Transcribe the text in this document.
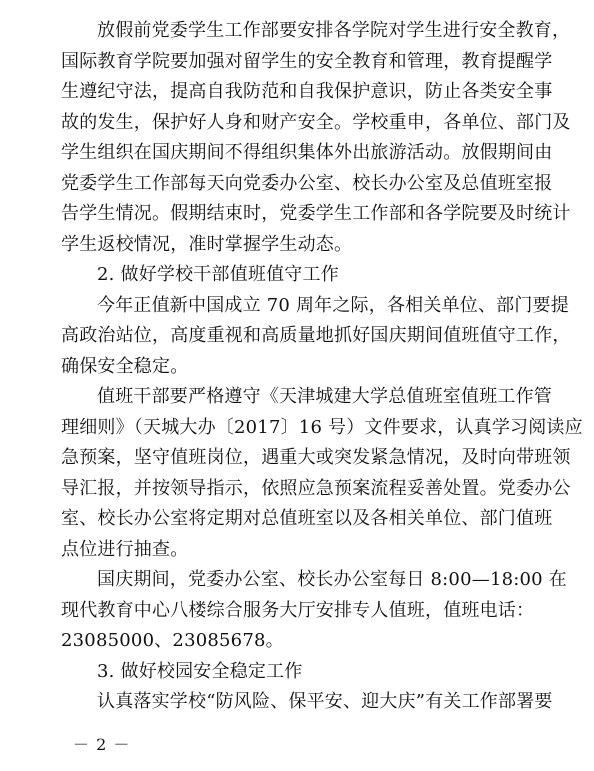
放假前党委学生工作部要安排各学院对学生进行安全教育，
国际教育学院要加强对留学生的安全教育和管理，教育提醒学
生遵纪守法，提高自我防范和自我保护意识，防止各类安全事
故的发生，保护好人身和财产安全。学校重申，各单位、部门及
学生组织在国庆期间不得组织集体外出旅游活动。放假期间由
党委学生工作部每天向党委办公室、校长办公室及总值班室报
告学生情况。假期结束时，党委学生工作部和各学院要及时统计
学生返校情况，准时掌握学生动态。
2. 做好学校干部值班值守工作
今年正值新中国成立 70 周年之际，各相关单位、部门要提
高政治站位，高度重视和高质量地抓好国庆期间值班值守工作，
确保安全稳定。
值班干部要严格遵守《天津城建大学总值班室值班工作管
理细则》（天城大办〔2017〕16 号）文件要求，认真学习阅读应
急预案，坚守值班岗位，遇重大或突发紧急情况，及时向带班领
导汇报，并按领导指示，依照应急预案流程妥善处置。党委办公
室、校长办公室将定期对总值班室以及各相关单位、部门值班
点位进行抽查。
国庆期间，党委办公室、校长办公室每日 8:00—18:00 在
现代教育中心八楼综合服务大厅安排专人值班，值班电话：
23085000、23085678。
3. 做好校园安全稳定工作
认真落实学校“防风险、保平安、迎大庆”有关工作部署要
－ 2 －
